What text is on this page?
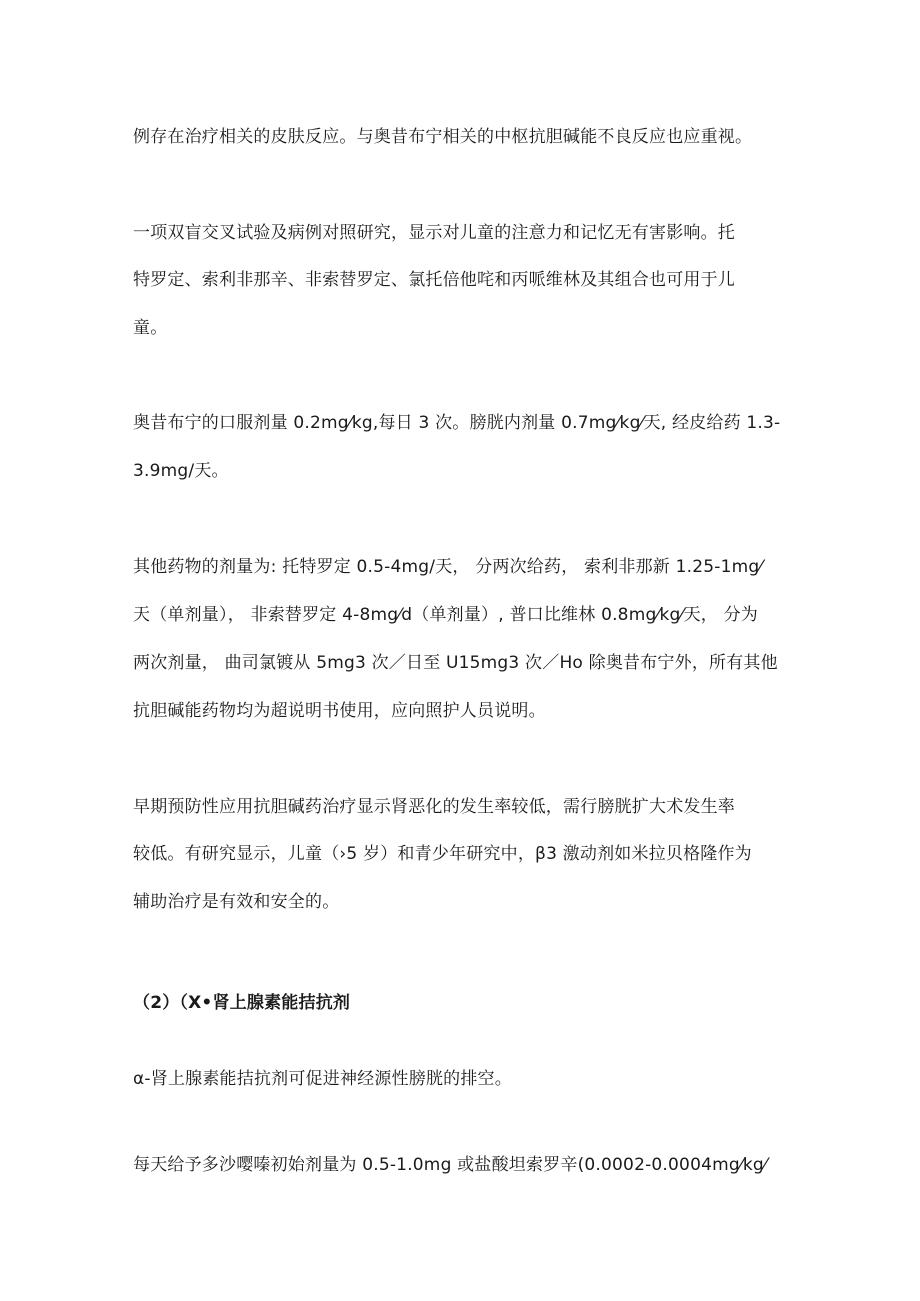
例存在治疗相关的皮肤反应。与奥昔布宁相关的中枢抗胆碱能不良反应也应重视。
一项双盲交叉试验及病例对照研究，显示对儿童的注意力和记忆无有害影响。托
特罗定、索利非那辛、非索替罗定、氯托倍他咤和丙哌维林及其组合也可用于儿
童。
奥昔布宁的口服剂量 0.2mg⁄kg,每日 3 次。膀胱内剂量 0.7mg⁄kg⁄天, 经皮给药 1.3-
3.9mg/天。
其他药物的剂量为: 托特罗定 0.5-4mg/天， 分两次给药， 索利非那新 1.25-1mg⁄
天（单剂量）， 非索替罗定 4-8mg⁄d（单剂量）, 普口比维林 0.8mg⁄kg⁄天， 分为
两次剂量， 曲司氯镀从 5mg3 次／日至 U15mg3 次／Ho 除奥昔布宁外，所有其他
抗胆碱能药物均为超说明书使用，应向照护人员说明。
早期预防性应用抗胆碱药治疗显示肾恶化的发生率较低，需行膀胱扩大术发生率
较低。有研究显示，儿童（›5 岁）和青少年研究中，β3 激动剂如米拉贝格隆作为
辅助治疗是有效和安全的。
（2）（X•肾上腺素能拮抗剂
α-肾上腺素能拮抗剂可促进神经源性膀胱的排空。
每天给予多沙嘤嗪初始剂量为 0.5-1.0mg 或盐酸坦索罗辛(0.0002-0.0004mg⁄kg⁄
